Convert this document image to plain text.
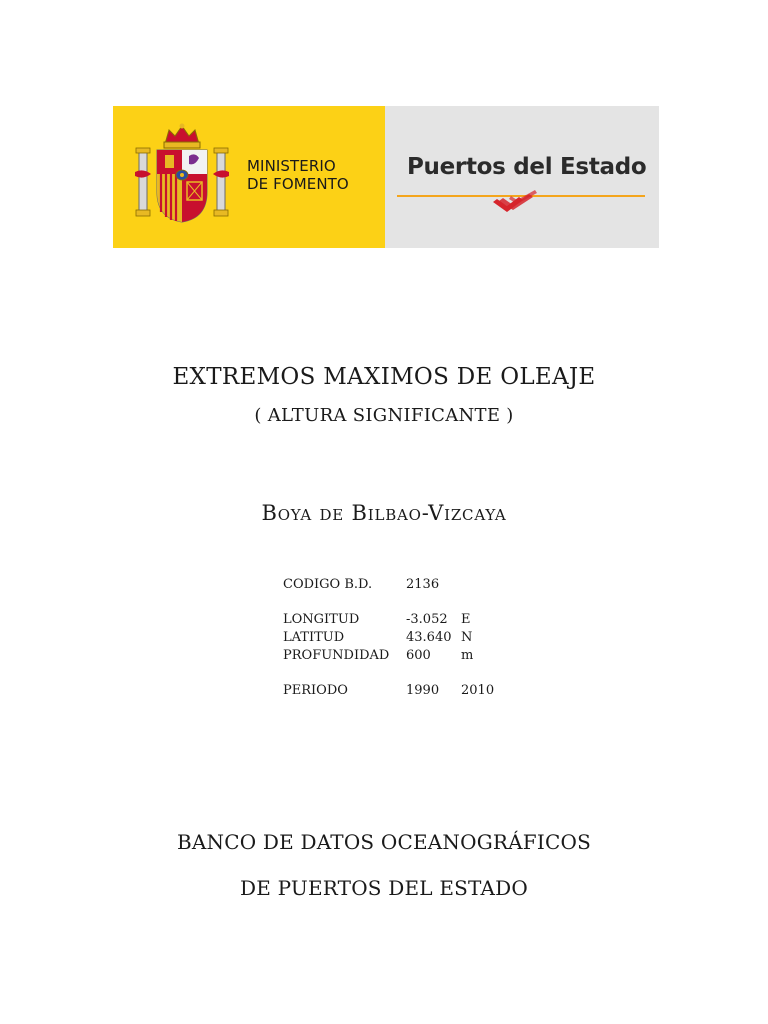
MINISTERIO
DE FOMENTO
Puertos del Estado
EXTREMOS MAXIMOS DE OLEAJE
( ALTURA SIGNIFICANTE )
Boya de Bilbao-Vizcaya
CODIGO B.D.	2136
LONGITUD	-3.052 E
LATITUD	43.640 N
PROFUNDIDAD 600 m
PERIODO	1990 2010
BANCO DE DATOS OCEANOGRÁFICOS
DE PUERTOS DEL ESTADO
